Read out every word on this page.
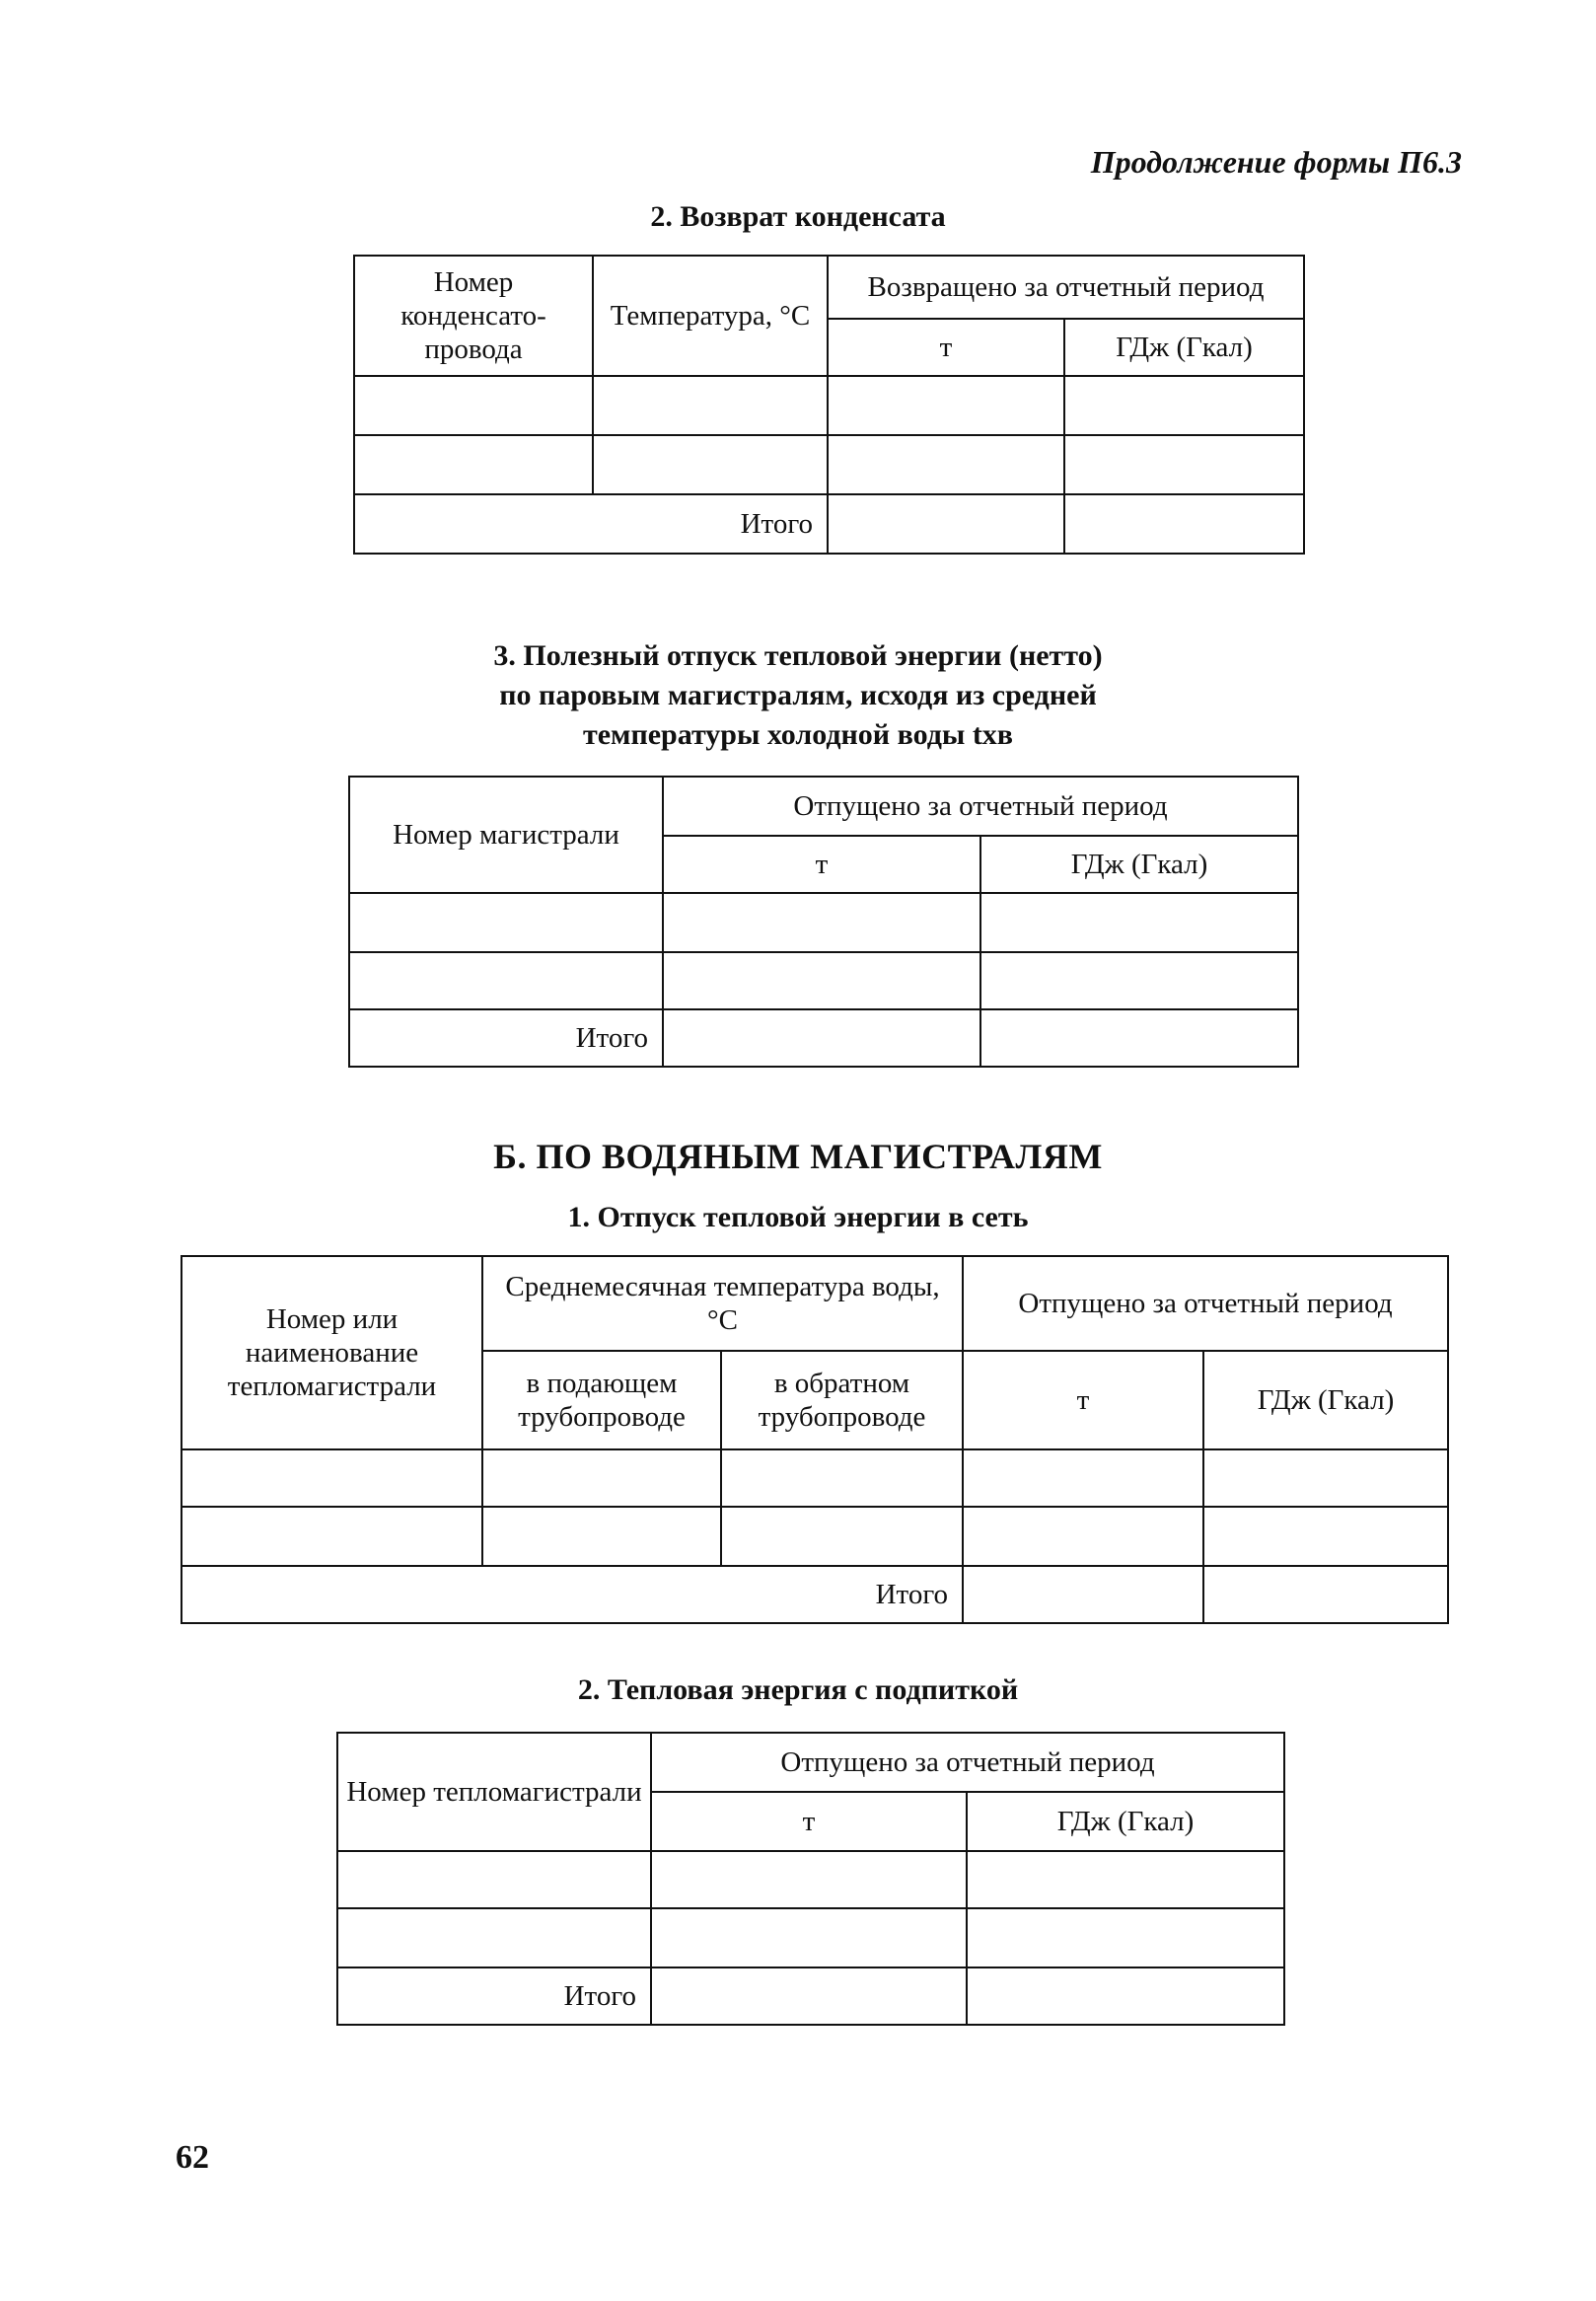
Продолжение формы П6.3
2. Возврат конденсата
Номер конденсато-провода	Температура, °C	Возвращено за отчетный период	
		т	ГДж (Гкал)

Итого			
3. Полезный отпуск тепловой энергии (нетто)
по паровым магистралям, исходя из средней
температуры холодной воды tхв
Номер магистрали	Отпущено за отчетный период	
	т	ГДж (Гкал)

Итого		
Б. ПО ВОДЯНЫМ МАГИСТРАЛЯМ
1. Отпуск тепловой энергии в сеть
Номер или наименование тепломагистрали	Среднемесячная температура воды, °C		Отпущено за отчетный период	
	в подающем трубопроводе	в обратном трубопроводе	т	ГДж (Гкал)

Итого				
2. Тепловая энергия с подпиткой
Номер тепломагистрали	Отпущено за отчетный период	
	т	ГДж (Гкал)

Итого		
62
